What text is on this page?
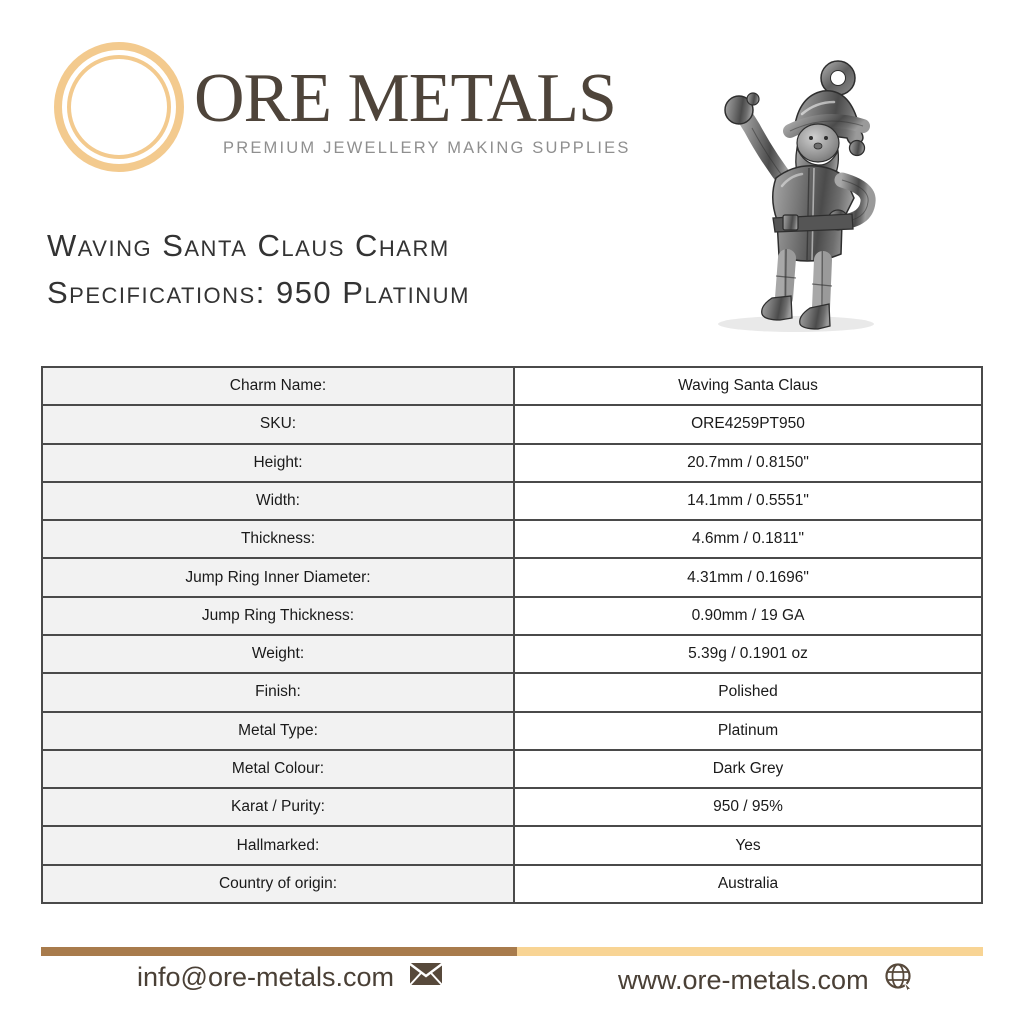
ORE METALS
PREMIUM JEWELLERY MAKING SUPPLIES
Waving Santa Claus Charm
Specifications: 950 Platinum
Charm Name:	Waving Santa Claus
SKU:	ORE4259PT950
Height:	20.7mm / 0.8150"
Width:	14.1mm / 0.5551"
Thickness:	4.6mm / 0.1811"
Jump Ring Inner Diameter:	4.31mm / 0.1696"
Jump Ring Thickness:	0.90mm / 19 GA
Weight:	5.39g / 0.1901 oz
Finish:	Polished
Metal Type:	Platinum
Metal Colour:	Dark Grey
Karat / Purity:	950 / 95%
Hallmarked:	Yes
Country of origin:	Australia
info@ore-metals.com	www.ore-metals.com
